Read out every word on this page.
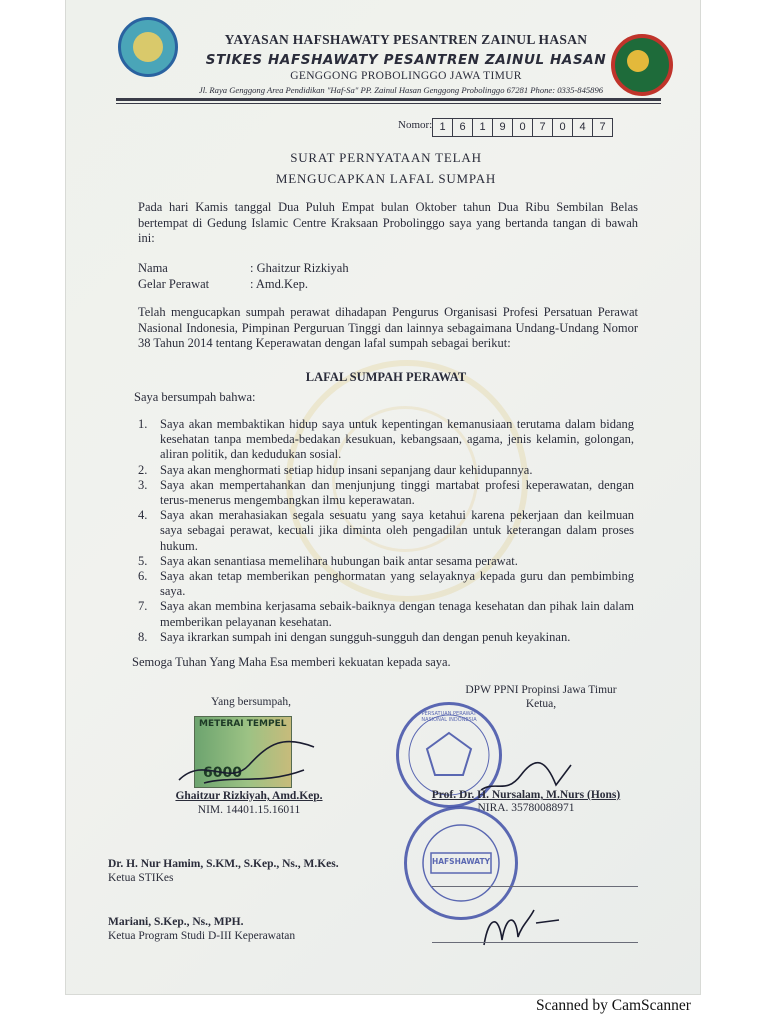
YAYASAN HAFSHAWATY PESANTREN ZAINUL HASAN
STIKES HAFSHAWATY PESANTREN ZAINUL HASAN
GENGGONG PROBOLINGGO JAWA TIMUR
Jl. Raya Genggong Area Pendidikan "Haf-Sa" PP. Zainul Hasan Genggong Probolinggo 67281 Phone: 0335-845896
Nomor: 1	6	1	9	0	7	0	4	7
SURAT PERNYATAAN TELAH
MENGUCAPKAN LAFAL SUMPAH
Pada hari Kamis tanggal Dua Puluh Empat bulan Oktober tahun Dua Ribu Sembilan Belas bertempat di Gedung Islamic Centre Kraksaan Probolinggo saya yang bertanda tangan di bawah ini:
Nama	: Ghaitzur Rizkiyah
Gelar Perawat	: Amd.Kep.
Telah mengucapkan sumpah perawat dihadapan Pengurus Organisasi Profesi Persatuan Perawat Nasional Indonesia, Pimpinan Perguruan Tinggi dan lainnya sebagaimana Undang-Undang Nomor 38 Tahun 2014 tentang Keperawatan dengan lafal sumpah sebagai berikut:
LAFAL SUMPAH PERAWAT
Saya bersumpah bahwa:
1. Saya akan membaktikan hidup saya untuk kepentingan kemanusiaan terutama dalam bidang kesehatan tanpa membeda-bedakan kesukuan, kebangsaan, agama, jenis kelamin, golongan, aliran politik, dan kedudukan sosial.
2. Saya akan menghormati setiap hidup insani sepanjang daur kehidupannya.
3. Saya akan mempertahankan dan menjunjung tinggi martabat profesi keperawatan, dengan terus-menerus mengembangkan ilmu keperawatan.
4. Saya akan merahasiakan segala sesuatu yang saya ketahui karena pekerjaan dan keilmuan saya sebagai perawat, kecuali jika diminta oleh pengadilan untuk keterangan dalam proses hukum.
5. Saya akan senantiasa memelihara hubungan baik antar sesama perawat.
6. Saya akan tetap memberikan penghormatan yang selayaknya kepada guru dan pembimbing saya.
7. Saya akan membina kerjasama sebaik-baiknya dengan tenaga kesehatan dan pihak lain dalam memberikan pelayanan kesehatan.
8. Saya ikrarkan sumpah ini dengan sungguh-sungguh dan dengan penuh keyakinan.
Semoga Tuhan Yang Maha Esa memberi kekuatan kepada saya.
Yang bersumpah,
METERAI TEMPEL
6000
Ghaitzur Rizkiyah, Amd.Kep.
NIM. 14401.15.16011
DPW PPNI Propinsi Jawa Timur
Ketua,
PERSATUAN PERAWAT NASIONAL INDONESIA
Prof. Dr. H. Nursalam, M.Nurs (Hons)
NIRA. 35780088971
HAFSHAWATY
Dr. H. Nur Hamim, S.KM., S.Kep., Ns., M.Kes.
Ketua STIKes
Mariani, S.Kep., Ns., MPH.
Ketua Program Studi D-III Keperawatan
Scanned by CamScanner
